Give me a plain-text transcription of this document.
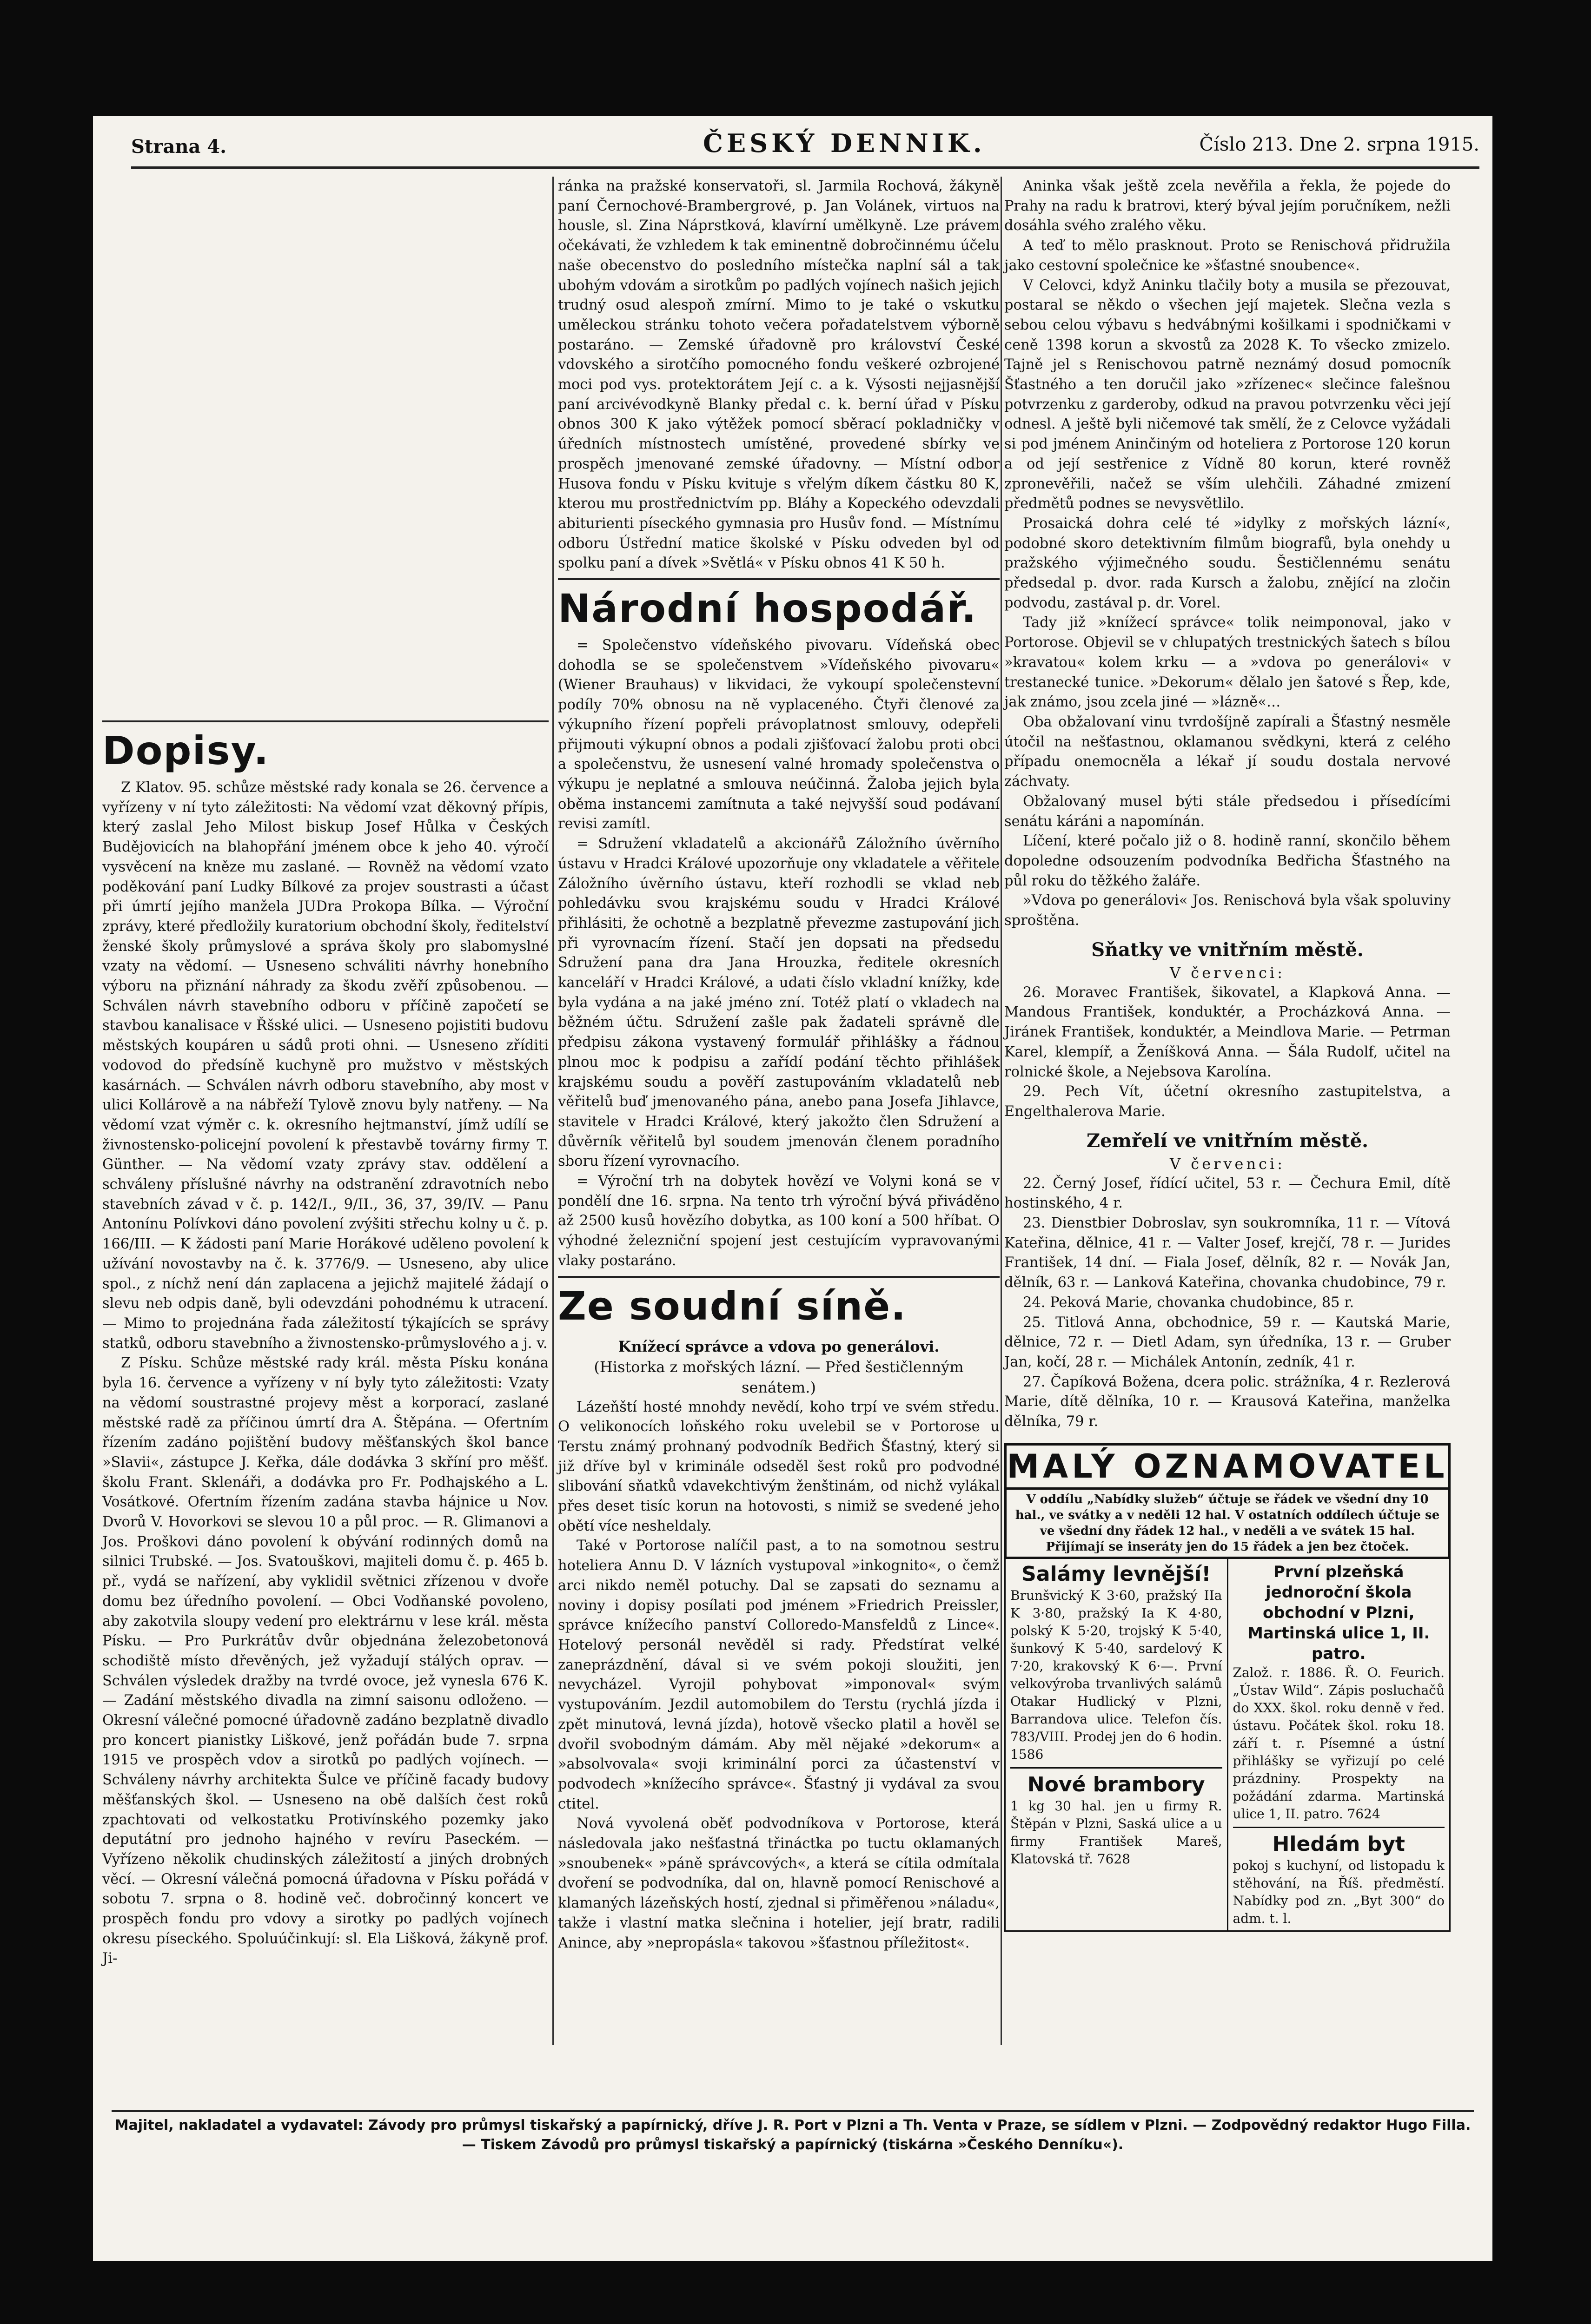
Strana 4.	ČESKÝ DENNIK.	Číslo 213. Dne 2. srpna 1915.
Dopisy.

Z Klatov. 95. schůze městské rady konala se 26. července a vyřízeny v ní tyto záležitosti: Na vědomí vzat děkovný přípis, který zaslal Jeho Milost biskup Josef Hůlka v Českých Budějovicích na blahopřání jménem obce k jeho 40. výročí vysvěcení na kněze mu zaslané. — Rovněž na vědomí vzato poděkování paní Ludky Bílkové za projev soustrasti a účast při úmrtí jejího manžela JUDra Prokopa Bílka. — Výroční zprávy, které předložily kuratorium obchodní školy, ředitelství ženské školy průmyslové a správa školy pro slabomyslné vzaty na vědomí. — Usneseno schváliti návrhy honebního výboru na přiznání náhrady za škodu zvěří způsobenou. — Schválen návrh stavebního odboru v příčině započetí se stavbou kanalisace v Řšské ulici. — Usneseno pojistiti budovu městských koupáren u sádů proti ohni. — Usneseno zříditi vodovod do předsíně kuchyně pro mužstvo v městských kasárnách. — Schválen návrh odboru stavebního, aby most v ulici Kollárově a na nábřeží Tylově znovu byly natřeny. — Na vědomí vzat výměr c. k. okresního hejtmanství, jímž udílí se živnostensko-policejní povolení k přestavbě továrny firmy T. Günther. — Na vědomí vzaty zprávy stav. oddělení a schváleny příslušné návrhy na odstranění zdravotních nebo stavebních závad v č. p. 142/I., 9/II., 36, 37, 39/IV. — Panu Antonínu Polívkovi dáno povolení zvýšiti střechu kolny u č. p. 166/III. — K žádosti paní Marie Horákové uděleno povolení k užívání novostavby na č. k. 3776/9. — Usneseno, aby ulice spol., z níchž není dán zaplacena a jejichž majitelé žádají o slevu neb odpis daně, byli odevzdáni pohodnému k utracení. — Mimo to projednána řada záležitostí týkajících se správy statků, odboru stavebního a živnostensko-průmyslového a j. v.

Z Písku. Schůze městské rady král. města Písku konána byla 16. července a vyřízeny v ní byly tyto záležitosti: Vzaty na vědomí soustrastné projevy měst a korporací, zaslané městské radě za příčinou úmrtí dra A. Štěpána. — Ofertním řízením zadáno pojištění budovy měšťanských škol bance »Slavii«, zástupce J. Keřka, dále dodávka 3 skříní pro měšť. školu Frant. Sklenáři, a dodávka pro Fr. Podhajského a L. Vosátkové. Ofertním řízením zadána stavba hájnice u Nov. Dvorů V. Hovorkovi se slevou 10 a půl proc. — R. Glimanovi a Jos. Proškovi dáno povolení k obývání rodinných domů na silnici Trubské. — Jos. Svatouškovi, majiteli domu č. p. 465 b. př., vydá se nařízení, aby vyklidil světnici zřízenou v dvoře domu bez úředního povolení. — Obci Vodňanské povoleno, aby zakotvila sloupy vedení pro elektrárnu v lese král. města Písku. — Pro Purkrátův dvůr objednána železobetonová schodiště místo dřevěných, jež vyžadují stálých oprav. — Schválen výsledek dražby na tvrdé ovoce, jež vynesla 676 K. — Zadání městského divadla na zimní saisonu odloženo. — Okresní válečné pomocné úřadovně zadáno bezplatně divadlo pro koncert pianistky Liškové, jenž pořádán bude 7. srpna 1915 ve prospěch vdov a sirotků po padlých vojínech. — Schváleny návrhy architekta Šulce ve příčině facady budovy měšťanských škol. — Usneseno na obě dalších čest roků zpachtovati od velkostatku Protivínského pozemky jako deputátní pro jednoho hajného v revíru Paseckém. — Vyřízeno několik chudinských záležitostí a jiných drobných věcí. — Okresní válečná pomocná úřadovna v Písku pořádá v sobotu 7. srpna o 8. hodině več. dobročinný koncert ve prospěch fondu pro vdovy a sirotky po padlých vojínech okresu píseckého. Spoluúčinkují: sl. Ela Lišková, žákyně prof. Ji-

ránka na pražské konservatoři, sl. Jarmila Rochová, žákyně paní Černochové-Brambergrové, p. Jan Volánek, virtuos na housle, sl. Zina Náprstková, klavírní umělkyně. Lze právem očekávati, že vzhledem k tak eminentně dobročinnému účelu naše obecenstvo do posledního místečka naplní sál a tak ubohým vdovám a sirotkům po padlých vojínech našich jejich trudný osud alespoň zmírní. Mimo to je také o vskutku uměleckou stránku tohoto večera pořadatelstvem výborně postaráno. — Zemské úřadovně pro království České vdovského a sirotčího pomocného fondu veškeré ozbrojené moci pod vys. protektorátem Její c. a k. Výsosti nejjasnější paní arcivévodkyně Blanky předal c. k. berní úřad v Písku obnos 300 K jako výtěžek pomocí sběrací pokladničky v úředních místnostech umístěné, provedené sbírky ve prospěch jmenované zemské úřadovny. — Místní odbor Husova fondu v Písku kvituje s vřelým díkem částku 80 K, kterou mu prostřednictvím pp. Bláhy a Kopeckého odevzdali abiturienti píseckého gymnasia pro Husův fond. — Místnímu odboru Ústřední matice školské v Písku odveden byl od spolku paní a dívek »Světlá« v Písku obnos 41 K 50 h.

Národní hospodář.

= Společenstvo vídeňského pivovaru. Vídeňská obec dohodla se se společenstvem »Vídeňského pivovaru« (Wiener Brauhaus) v likvidaci, že vykoupí společenstevní podíly 70% obnosu na ně vyplaceného. Čtyři členové za výkupního řízení popřeli právoplatnost smlouvy, odepřeli přijmouti výkupní obnos a podali zjišťovací žalobu proti obci a společenstvu, že usnesení valné hromady společenstva o výkupu je neplatné a smlouva neúčinná. Žaloba jejich byla oběma instancemi zamítnuta a také nejvyšší soud podávaní revisi zamítl.

= Sdružení vkladatelů a akcionářů Záložního úvěrního ústavu v Hradci Králové upozorňuje ony vkladatele a věřitele Záložního úvěrního ústavu, kteří rozhodli se vklad neb pohledávku svou krajskému soudu v Hradci Králové přihlásiti, že ochotně a bezplatně převezme zastupování jich při vyrovnacím řízení. Stačí jen dopsati na předsedu Sdružení pana dra Jana Hrouzka, ředitele okresních kanceláří v Hradci Králové, a udati číslo vkladní knížky, kde byla vydána a na jaké jméno zní. Totéž platí o vkladech na běžném účtu. Sdružení zašle pak žadateli správně dle předpisu zákona vystavený formulář přihlášky a řádnou plnou moc k podpisu a zařídí podání těchto přihlášek krajskému soudu a pověří zastupováním vkladatelů neb věřitelů buď jmenovaného pána, anebo pana Josefa Jihlavce, stavitele v Hradci Králové, který jakožto člen Sdružení a důvěrník věřitelů byl soudem jmenován členem poradního sboru řízení vyrovnacího.

= Výroční trh na dobytek hovězí ve Volyni koná se v pondělí dne 16. srpna. Na tento trh výroční bývá přiváděno až 2500 kusů hovězího dobytka, as 100 koní a 500 hříbat. O výhodné železniční spojení jest cestujícím vypravovanými vlaky postaráno.

Ze soudní síně.
Knížecí správce a vdova po generálovi.
(Historka z mořských lázní. — Před šestičlenným senátem.)

Lázeňští hosté mnohdy nevědí, koho trpí ve svém středu. O velikonocích loňského roku uvelebil se v Portorose u Terstu známý prohnaný podvodník Bedřich Šťastný, který si již dříve byl v kriminále odseděl šest roků pro podvodné slibování sňatků vdavekchtivým ženštinám, od nichž vylákal přes deset tisíc korun na hotovosti, s nimiž se svedené jeho obětí více nesheldaly.

Také v Portorose nalíčil past, a to na somotnou sestru hoteliera Annu D. V lázních vystupoval »inkognito«, o čemž arci nikdo neměl potuchy. Dal se zapsati do seznamu a noviny i dopisy posílati pod jménem »Friedrich Preissler, správce knížecího panství Colloredo-Mansfeldů z Lince«. Hotelový personál nevěděl si rady. Předstírat velké zaneprázdnění, dával si ve svém pokoji sloužiti, jen nevycházel. Vyrojil pohybovat »imponoval« svým vystupováním. Jezdil automobilem do Terstu (rychlá jízda i zpět minutová, levná jízda), hotově všecko platil a hověl se dvořil svobodným dámám. Aby měl nějaké »dekorum« a »absolvovala« svoji kriminální porci za účastenství v podvodech »knížecího správce«. Šťastný ji vydával za svou ctitel.

Nová vyvolená oběť podvodníkova v Portorose, která následovala jako nešťastná třináctka po tuctu oklamaných »snoubenek« »páně správcových«, a která se cítila odmítala dvoření se podvodníka, dal on, hlavně pomocí Renischové a klamaných lázeňských hostí, zjednal si přiměřenou »náladu«, takže i vlastní matka slečnina i hotelier, její bratr, radili Anince, aby »nepropásla« takovou »šťastnou příležitost«.

Aninka však ještě zcela nevěřila a řekla, že pojede do Prahy na radu k bratrovi, který býval jejím poručníkem, nežli dosáhla svého zralého věku.

A teď to mělo prasknout. Proto se Renischová přidružila jako cestovní společnice ke »šťastné snoubence«.

V Celovci, když Aninku tlačily boty a musila se přezouvat, postaral se někdo o všechen její majetek. Slečna vezla s sebou celou výbavu s hedvábnými košilkami i spodničkami v ceně 1398 korun a skvostů za 2028 K. To všecko zmizelo. Tajně jel s Renischovou patrně neznámý dosud pomocník Šťastného a ten doručil jako »zřízenec« slečince falešnou potvrzenku z garderoby, odkud na pravou potvrzenku věci její odnesl. A ještě byli ničemové tak smělí, že z Celovce vyžádali si pod jménem Aninčiným od hoteliera z Portorose 120 korun a od její sestřenice z Vídně 80 korun, které rovněž zpronevěřili, načež se vším ulehčili. Záhadné zmizení předmětů podnes se nevysvětlilo.

Prosaická dohra celé té »idylky z mořských lázní«, podobné skoro detektivním filmům biografů, byla onehdy u pražského výjimečného soudu. Šestičlennému senátu předsedal p. dvor. rada Kursch a žalobu, znějící na zločin podvodu, zastával p. dr. Vorel.

Tady již »knížecí správce« tolik neimponoval, jako v Portorose. Objevil se v chlupatých trestnických šatech s bílou »kravatou« kolem krku — a »vdova po generálovi« v trestanecké tunice. »Dekorum« dělalo jen šatové s Řep, kde, jak známo, jsou zcela jiné — »lázně«…

Oba obžalovaní vinu tvrdošíjně zapírali a Šťastný nesměle útočil na nešťastnou, oklamanou svědkyni, která z celého případu onemocněla a lékař jí soudu dostala nervové záchvaty.

Obžalovaný musel býti stále předsedou i přísedícími senátu káráni a napomínán.

Líčení, které počalo již o 8. hodině ranní, skončilo během dopoledne odsouzením podvodníka Bedřicha Šťastného na půl roku do těžkého žaláře.

»Vdova po generálovi« Jos. Renischová byla však spoluviny sproštěna.

Sňatky ve vnitřním městě.
V červenci:

26. Moravec František, šikovatel, a Klapková Anna. — Mandous František, konduktér, a Procházková Anna. — Jiránek František, konduktér, a Meindlova Marie. — Petrman Karel, klempíř, a Ženíšková Anna. — Šála Rudolf, učitel na rolnické škole, a Nejebsova Karolína.

29. Pech Vít, účetní okresního zastupitelstva, a Engelthalerova Marie.

Zemřelí ve vnitřním městě.
V červenci:

22. Černý Josef, řídící učitel, 53 r. — Čechura Emil, dítě hostinského, 4 r.

23. Dienstbier Dobroslav, syn soukromníka, 11 r. — Vítová Kateřina, dělnice, 41 r. — Valter Josef, krejčí, 78 r. — Jurides František, 14 dní. — Fiala Josef, dělník, 82 r. — Novák Jan, dělník, 63 r. — Lanková Kateřina, chovanka chudobince, 79 r.

24. Peková Marie, chovanka chudobince, 85 r.

25. Titlová Anna, obchodnice, 59 r. — Kautská Marie, dělnice, 72 r. — Dietl Adam, syn úředníka, 13 r. — Gruber Jan, kočí, 28 r. — Michálek Antonín, zedník, 41 r.

27. Čapíková Božena, dcera polic. strážníka, 4 r. Rezlerová Marie, dítě dělníka, 10 r. — Krausová Kateřina, manželka dělníka, 79 r.

MALÝ OZNAMOVATEL
V oddílu „Nabídky služeb“ účtuje se řádek ve všední dny 10 hal., ve svátky a v neděli 12 hal. V ostatních oddílech účtuje se ve všední dny řádek 12 hal., v neděli a ve svátek 15 hal. Přijímají se inseráty jen do 15 řádek a jen bez čtoček.
Salámy levnější!
Brunšvický K 3·60, pražský IIa K 3·80, pražský Ia K 4·80, polský K 5·20, trojský K 5·40, šunkový K 5·40, sardelový K 7·20, krakovský K 6·—. První velkovýroba trvanlivých salámů Otakar Hudlický v Plzni, Barrandova ulice. Telefon čís. 783/VIII. Prodej jen do 6 hodin. 1586
Nové brambory
1 kg 30 hal. jen u firmy R. Štěpán v Plzni, Saská ulice a u firmy František Mareš, Klatovská tř. 7628
První plzeňská jednoroční škola obchodní v Plzni, Martinská ulice 1, II. patro.
Založ. r. 1886. Ř. O. Feurich. „Ústav Wild“. Zápis posluchačů do XXX. škol. roku denně v řed. ústavu. Počátek škol. roku 18. září t. r. Písemné a ústní přihlášky se vyřizují po celé prázdniny. Prospekty na požádání zdarma. Martinská ulice 1, II. patro. 7624
Hledám byt
pokoj s kuchyní, od listopadu k stěhování, na Říš. předměstí. Nabídky pod zn. „Byt 300“ do adm. t. l.
Majitel, nakladatel a vydavatel: Závody pro průmysl tiskařský a papírnický, dříve J. R. Port v Plzni a Th. Venta v Praze, se sídlem v Plzni. — Zodpovědný redaktor Hugo Filla. — Tiskem Závodů pro průmysl tiskařský a papírnický (tiskárna »Českého Denníku«).
